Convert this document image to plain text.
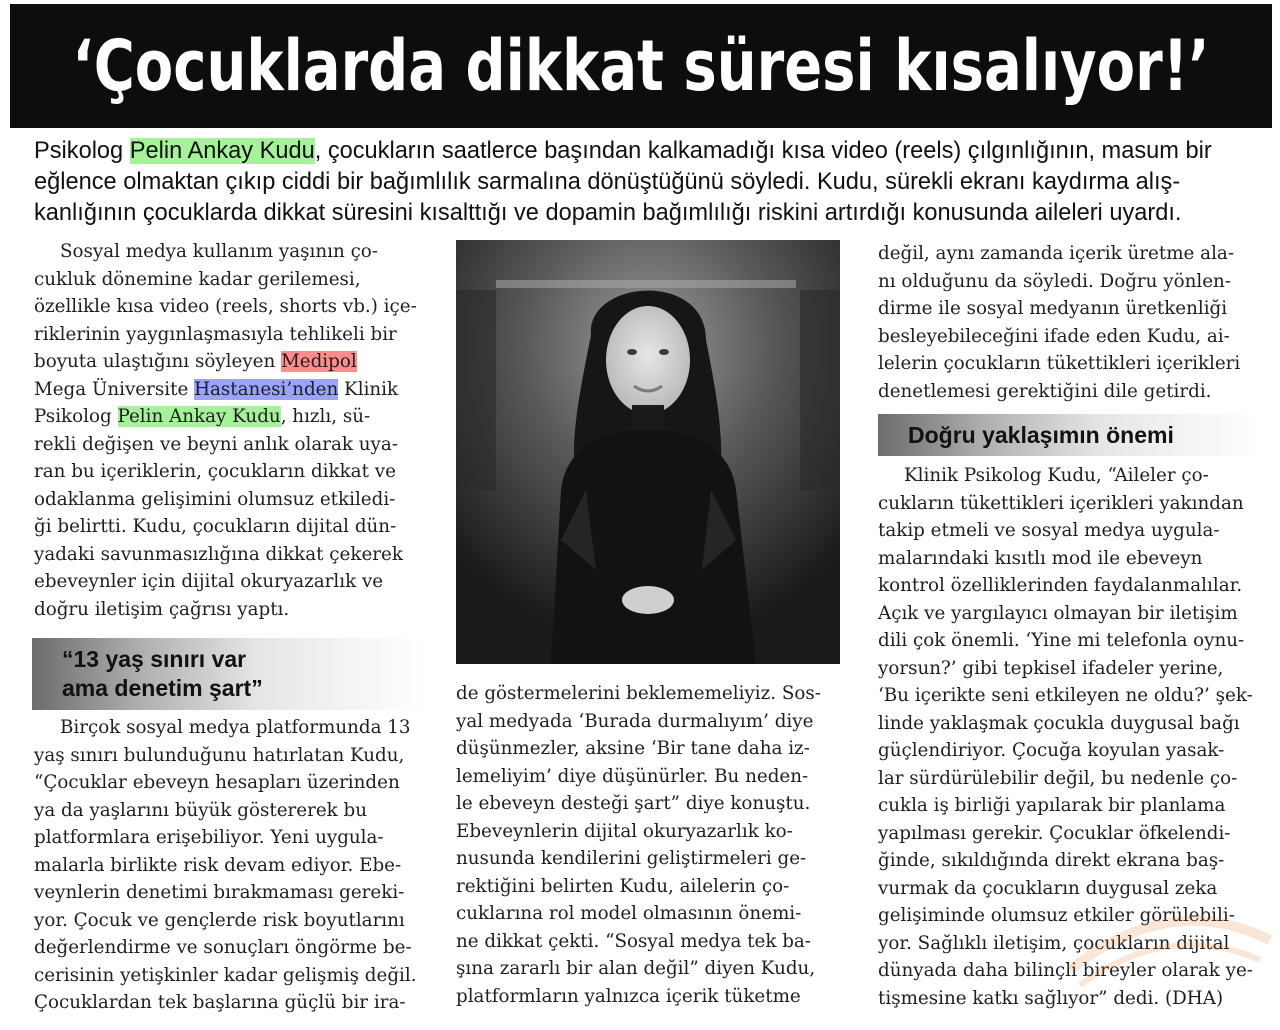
‘Çocuklarda dikkat süresi kısalıyor!’

Psikolog Pelin Ankay Kudu, çocukların saatlerce başından kalkamadığı kısa video (reels) çılgınlığının, masum bir

eğlence olmaktan çıkıp ciddi bir bağımlılık sarmalına dönüştüğünü söyledi. Kudu, sürekli ekranı kaydırma alış-

kanlığının çocuklarda dikkat süresini kısalttığı ve dopamin bağımlılığı riskini artırdığı konusunda aileleri uyardı.

Sosyal medya kullanım yaşının ço-

cukluk dönemine kadar gerilemesi,

özellikle kısa video (reels, shorts vb.) içe-

riklerinin yaygınlaşmasıyla tehlikeli bir

boyuta ulaştığını söyleyen Medipol

Mega Üniversite Hastanesi’nden Klinik

Psikolog Pelin Ankay Kudu, hızlı, sü-

rekli değişen ve beyni anlık olarak uya-

ran bu içeriklerin, çocukların dikkat ve

odaklanma gelişimini olumsuz etkiledi-

ği belirtti. Kudu, çocukların dijital dün-

yadaki savunmasızlığına dikkat çekerek

ebeveynler için dijital okuryazarlık ve

doğru iletişim çağrısı yaptı.

“13 yaş sınırı var
ama denetim şart”

Birçok sosyal medya platformunda 13

yaş sınırı bulunduğunu hatırlatan Kudu,

“Çocuklar ebeveyn hesapları üzerinden

ya da yaşlarını büyük göstererek bu

platformlara erişebiliyor. Yeni uygula-

malarla birlikte risk devam ediyor. Ebe-

veynlerin denetimi bırakmaması gereki-

yor. Çocuk ve gençlerde risk boyutlarını

değerlendirme ve sonuçları öngörme be-

cerisinin yetişkinler kadar gelişmiş değil.

Çocuklardan tek başlarına güçlü bir ira-

de göstermelerini beklememeliyiz. Sos-

yal medyada ‘Burada durmalıyım’ diye

düşünmezler, aksine ‘Bir tane daha iz-

lemeliyim’ diye düşünürler. Bu neden-

le ebeveyn desteği şart” diye konuştu.

Ebeveynlerin dijital okuryazarlık ko-

nusunda kendilerini geliştirmeleri ge-

rektiğini belirten Kudu, ailelerin ço-

cuklarına rol model olmasının önemi-

ne dikkat çekti. “Sosyal medya tek ba-

şına zararlı bir alan değil” diyen Kudu,

platformların yalnızca içerik tüketme

değil, aynı zamanda içerik üretme ala-

nı olduğunu da söyledi. Doğru yönlen-

dirme ile sosyal medyanın üretkenliği

besleyebileceğini ifade eden Kudu, ai-

lelerin çocukların tükettikleri içerikleri

denetlemesi gerektiğini dile getirdi.

Doğru yaklaşımın önemi

Klinik Psikolog Kudu, “Aileler ço-

cukların tükettikleri içerikleri yakından

takip etmeli ve sosyal medya uygula-

malarındaki kısıtlı mod ile ebeveyn

kontrol özelliklerinden faydalanmalılar.

Açık ve yargılayıcı olmayan bir iletişim

dili çok önemli. ‘Yine mi telefonla oynu-

yorsun?’ gibi tepkisel ifadeler yerine,

‘Bu içerikte seni etkileyen ne oldu?’ şek-

linde yaklaşmak çocukla duygusal bağı

güçlendiriyor. Çocuğa koyulan yasak-

lar sürdürülebilir değil, bu nedenle ço-

cukla iş birliği yapılarak bir planlama

yapılması gerekir. Çocuklar öfkelendi-

ğinde, sıkıldığında direkt ekrana baş-

vurmak da çocukların duygusal zeka

gelişiminde olumsuz etkiler görülebili-

yor. Sağlıklı iletişim, çocukların dijital

dünyada daha bilinçli bireyler olarak ye-

tişmesine katkı sağlıyor” dedi. (DHA)
